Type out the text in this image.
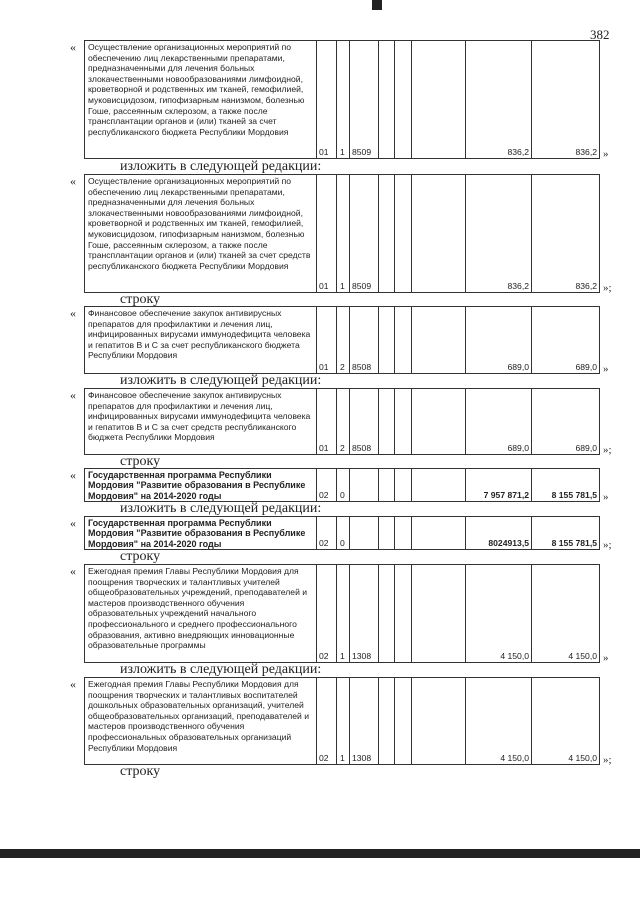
382
« Осуществление организационных мероприятий по обеспечению лиц лекарственными препаратами, предназначенными для лечения больных злокачественными новообразованиями лимфоидной, кроветворной и родственных им тканей, гемофилией, муковисцидозом, гипофизарным нанизмом, болезнью Гоше, рассеянным склерозом, а также после трансплантации органов и (или) тканей за счет республиканского бюджета Республики Мордовия
01 1 8509	836,2	836,2 »
изложить в следующей редакции:
« Осуществление организационных мероприятий по обеспечению лиц лекарственными препаратами, предназначенными для лечения больных злокачественными новообразованиями лимфоидной, кроветворной и родственных им тканей, гемофилией, муковисцидозом, гипофизарным нанизмом, болезнью Гоше, рассеянным склерозом, а также после трансплантации органов и (или) тканей за счет средств республиканского бюджета Республики Мордовия
01 1 8509	836,2	836,2 »;
строку
« Финансовое обеспечение закупок антивирусных препаратов для профилактики и лечения лиц, инфицированных вирусами иммунодефицита человека и гепатитов В и С за счет республиканского бюджета Республики Мордовия
01 2 8508	689,0	689,0 »
изложить в следующей редакции:
« Финансовое обеспечение закупок антивирусных препаратов для профилактики и лечения лиц, инфицированных вирусами иммунодефицита человека и гепатитов В и С за счет средств республиканского бюджета Республики Мордовия
01 2 8508	689,0	689,0 »;
строку
« Государственная программа Республики Мордовия "Развитие образования в Республике Мордовия" на 2014-2020 годы	02 0	7 957 871,2	8 155 781,5 »
изложить в следующей редакции:
« Государственная программа Республики Мордовия "Развитие образования в Республике Мордовия" на 2014-2020 годы	02 0	8024913,5	8 155 781,5 »;
строку
« Ежегодная премия Главы Республики Мордовия для поощрения творческих и талантливых учителей общеобразовательных учреждений, преподавателей и мастеров производственного обучения образовательных учреждений начального профессионального и среднего профессионального образования, активно внедряющих инновационные образовательные программы
02 1 1308	4 150,0	4 150,0 »
изложить в следующей редакции:
« Ежегодная премия Главы Республики Мордовия для поощрения творческих и талантливых воспитателей дошкольных образовательных организаций, учителей общеобразовательных организаций, преподавателей и мастеров производственного обучения профессиональных образовательных организаций Республики Мордовия
02 1 1308	4 150,0	4 150,0 »;
строку
